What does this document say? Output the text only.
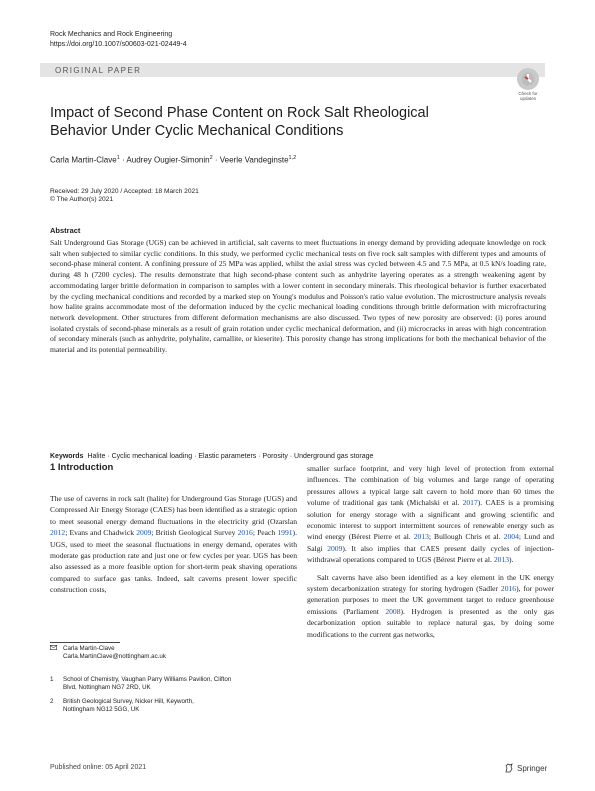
Rock Mechanics and Rock Engineering
https://doi.org/10.1007/s00603-021-02449-4
ORIGINAL PAPER
Check for updates
Impact of Second Phase Content on Rock Salt Rheological Behavior Under Cyclic Mechanical Conditions
Carla Martin-Clave$^1$ · Audrey Ougier-Simonin$^2$ · Veerle Vandeginste$^{1,2}$
Received: 29 July 2020 / Accepted: 18 March 2021
© The Author(s) 2021
Abstract
Salt Underground Gas Storage (UGS) can be achieved in artificial, salt caverns to meet fluctuations in energy demand by providing adequate knowledge on rock salt when subjected to similar cyclic conditions. In this study, we performed cyclic mechanical tests on five rock salt samples with different types and amounts of second-phase mineral content. A confining pressure of 25 MPa was applied, whilst the axial stress was cycled between 4.5 and 7.5 MPa, at 0.5 kN/s loading rate, during 48 h (7200 cycles). The results demonstrate that high second-phase content such as anhydrite layering operates as a strength weakening agent by accommodating larger brittle deformation in comparison to samples with a lower content in secondary minerals. This rheological behavior is further exacerbated by the cycling mechanical conditions and recorded by a marked step on Young's modulus and Poisson's ratio value evolution. The microstructure analysis reveals how halite grains accommodate most of the deformation induced by the cyclic mechanical loading conditions through brittle deformation with microfracturing network development. Other structures from different deformation mechanisms are also discussed. Two types of new porosity are observed: (i) pores around isolated crystals of second-phase minerals as a result of grain rotation under cyclic mechanical deformation, and (ii) microcracks in areas with high concentration of secondary minerals (such as anhydrite, polyhalite, carnallite, or kieserite). This porosity change has strong implications for both the mechanical behavior of the material and its potential permeability.
Keywords Halite · Cyclic mechanical loading · Elastic parameters · Porosity · Underground gas storage
1 Introduction

The use of caverns in rock salt (halite) for Underground Gas Storage (UGS) and Compressed Air Energy Storage (CAES) has been identified as a strategic option to meet seasonal energy demand fluctuations in the electricity grid (Ozarslan 2012; Evans and Chadwick 2009; British Geological Survey 2016; Peach 1991). UGS, used to meet the seasonal fluctuations in energy demand, operates with moderate gas production rate and just one or few cycles per year. UGS has been also assessed as a more feasible option for short-term peak shaving operations compared to surface gas tanks. Indeed, salt caverns present lower specific construction costs,

smaller surface footprint, and very high level of protection from external influences. The combination of big volumes and large range of operating pressures allows a typical large salt cavern to hold more than 60 times the volume of traditional gas tank (Michalski et al. 2017). CAES is a promising solution for energy storage with a significant and growing scientific and economic interest to support intermittent sources of renewable energy such as wind energy (Bérest Pierre et al. 2013; Bullough Chris et al. 2004; Lund and Salgi 2009). It also implies that CAES present daily cycles of injection-withdrawal operations compared to UGS (Bérest Pierre et al. 2013).

Salt caverns have also been identified as a key element in the UK energy system decarbonization strategy for storing hydrogen (Sadler 2016), for power generation purposes to meet the UK government target to reduce greenhouse emissions (Parliament 2008). Hydrogen is presented as the only gas decarbonization option suitable to replace natural gas, by doing some modifications to the current gas networks,

Carla Martin-Clave
Carla.MartinClave@nottingham.ac.uk
1 School of Chemistry, Vaughan Parry Williams Pavilion, Clifton Blvd, Nottingham NG7 2RD, UK
2 British Geological Survey, Nicker Hill, Keyworth, Nottingham NG12 5GG, UK
Published online: 05 April 2021	Springer
